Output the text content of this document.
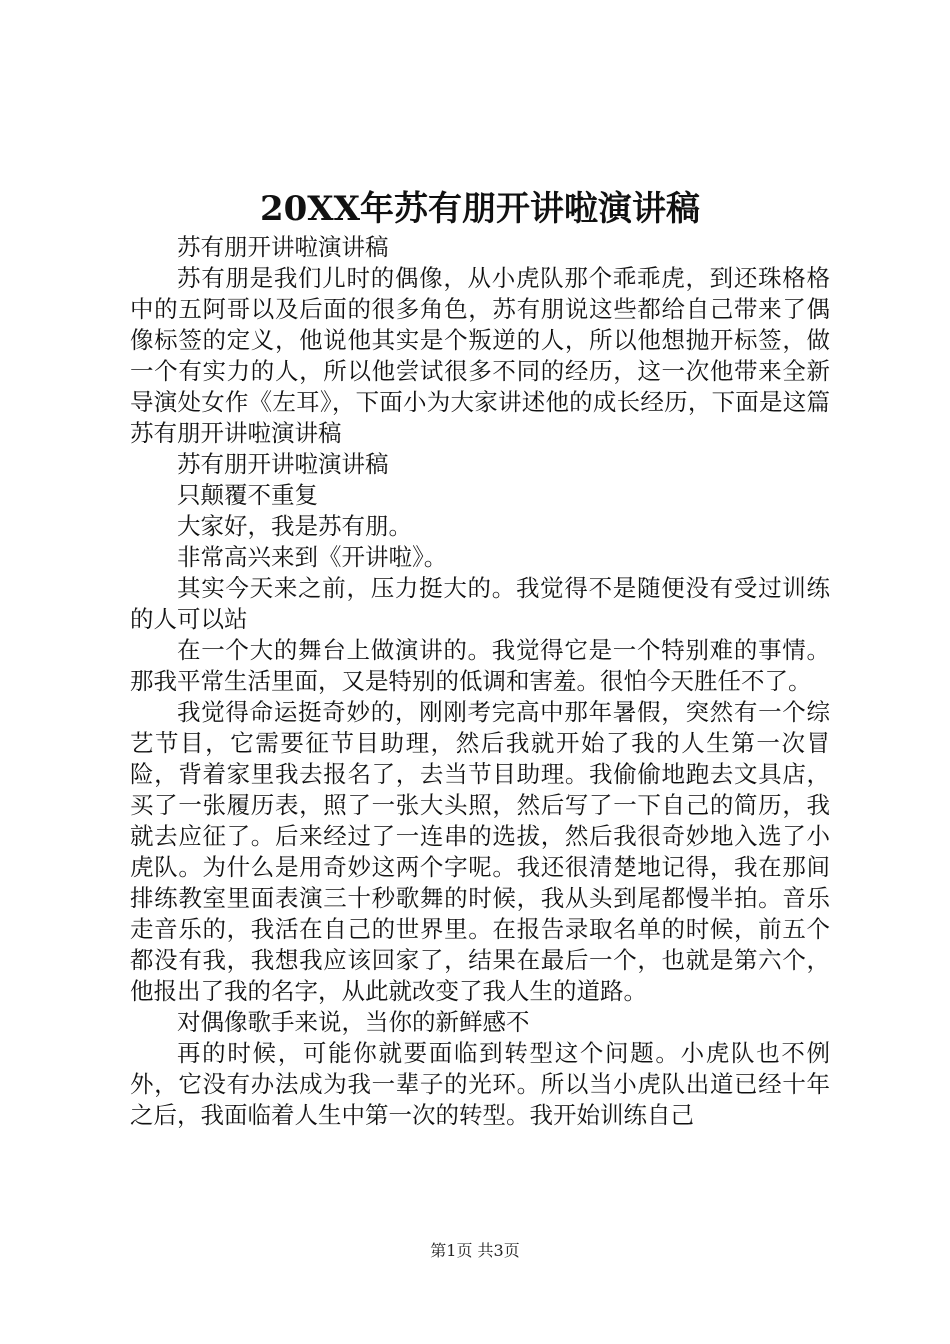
20XX年苏有朋开讲啦演讲稿

苏有朋开讲啦演讲稿

苏有朋是我们儿时的偶像，从小虎队那个乖乖虎，到还珠格格中的五阿哥以及后面的很多角色，苏有朋说这些都给自己带来了偶像标签的定义，他说他其实是个叛逆的人，所以他想抛开标签，做一个有实力的人，所以他尝试很多不同的经历，这一次他带来全新导演处女作《左耳》，下面小为大家讲述他的成长经历，下面是这篇苏有朋开讲啦演讲稿

苏有朋开讲啦演讲稿

只颠覆不重复

大家好，我是苏有朋。

非常高兴来到《开讲啦》。

其实今天来之前，压力挺大的。我觉得不是随便没有受过训练的人可以站

在一个大的舞台上做演讲的。我觉得它是一个特别难的事情。那我平常生活里面，又是特别的低调和害羞。很怕今天胜任不了。

我觉得命运挺奇妙的，刚刚考完高中那年暑假，突然有一个综艺节目，它需要征节目助理，然后我就开始了我的人生第一次冒险，背着家里我去报名了，去当节目助理。我偷偷地跑去文具店，买了一张履历表，照了一张大头照，然后写了一下自己的简历，我就去应征了。后来经过了一连串的选拔，然后我很奇妙地入选了小虎队。为什么是用奇妙这两个字呢。我还很清楚地记得，我在那间排练教室里面表演三十秒歌舞的时候，我从头到尾都慢半拍。音乐走音乐的，我活在自己的世界里。在报告录取名单的时候，前五个都没有我，我想我应该回家了，结果在最后一个，也就是第六个，他报出了我的名字，从此就改变了我人生的道路。

对偶像歌手来说，当你的新鲜感不

再的时候，可能你就要面临到转型这个问题。小虎队也不例外，它没有办法成为我一辈子的光环。所以当小虎队出道已经十年之后，我面临着人生中第一次的转型。我开始训练自己

第1页 共3页
